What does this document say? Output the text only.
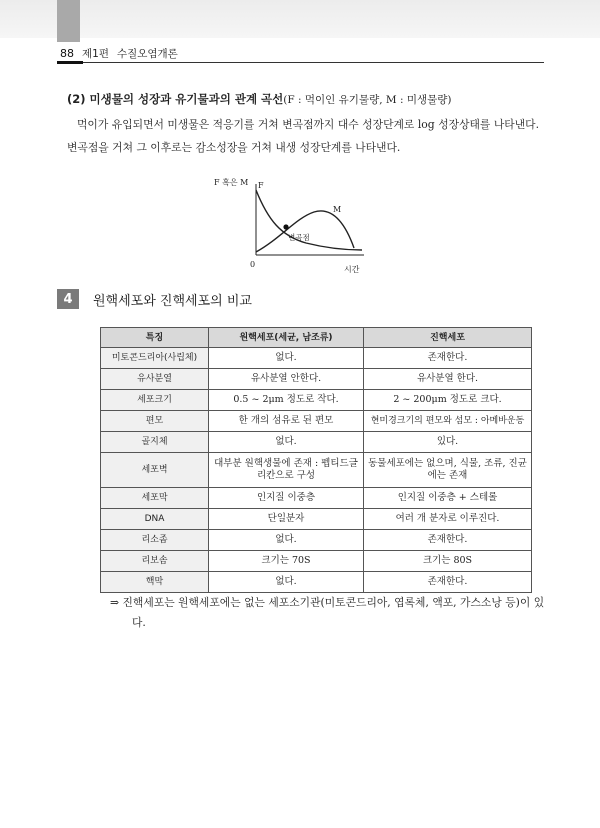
88 제1편 수질오염개론
(2) 미생물의 성장과 유기물과의 관계 곡선(F : 먹이인 유기물량, M : 미생물량)
먹이가 유입되면서 미생물은 적응기를 거쳐 변곡점까지 대수 성장단계로 log 성장상태를 나타낸다. 변곡점을 거쳐 그 이후로는 감소성장을 거쳐 내생 성장단계를 나타낸다.
F 혹은 M F
M
변곡점
0
시간
4	원핵세포와 진핵세포의 비교
특징	원핵세포(세균, 남조류)	진핵세포
미토콘드리아(사립체)	없다.	존재한다.
유사분열	유사분열 안한다.	유사분열 한다.
세포크기	0.5 ~ 2μm 정도로 작다.	2 ~ 200μm 정도로 크다.
편모	한 개의 섬유로 된 편모	현미경크기의 편모와 섬모 : 아메바운동
골지체	없다.	있다.
세포벽	대부분 원핵생물에 존재 : 펩티드글리칸으로 구성	동물세포에는 없으며, 식물, 조류, 진균에는 존재
세포막	인지질 이중층	인지질 이중층 + 스테롤
DNA	단일분자	여러 개 분자로 이루진다.
리소좀	없다.	존재한다.
리보솜	크기는 70S	크기는 80S
핵막	없다.	존재한다.
⇒ 진핵세포는 원핵세포에는 없는 세포소기관(미토콘드리아, 엽록체, 액포, 가스소낭 등)이 있다.
